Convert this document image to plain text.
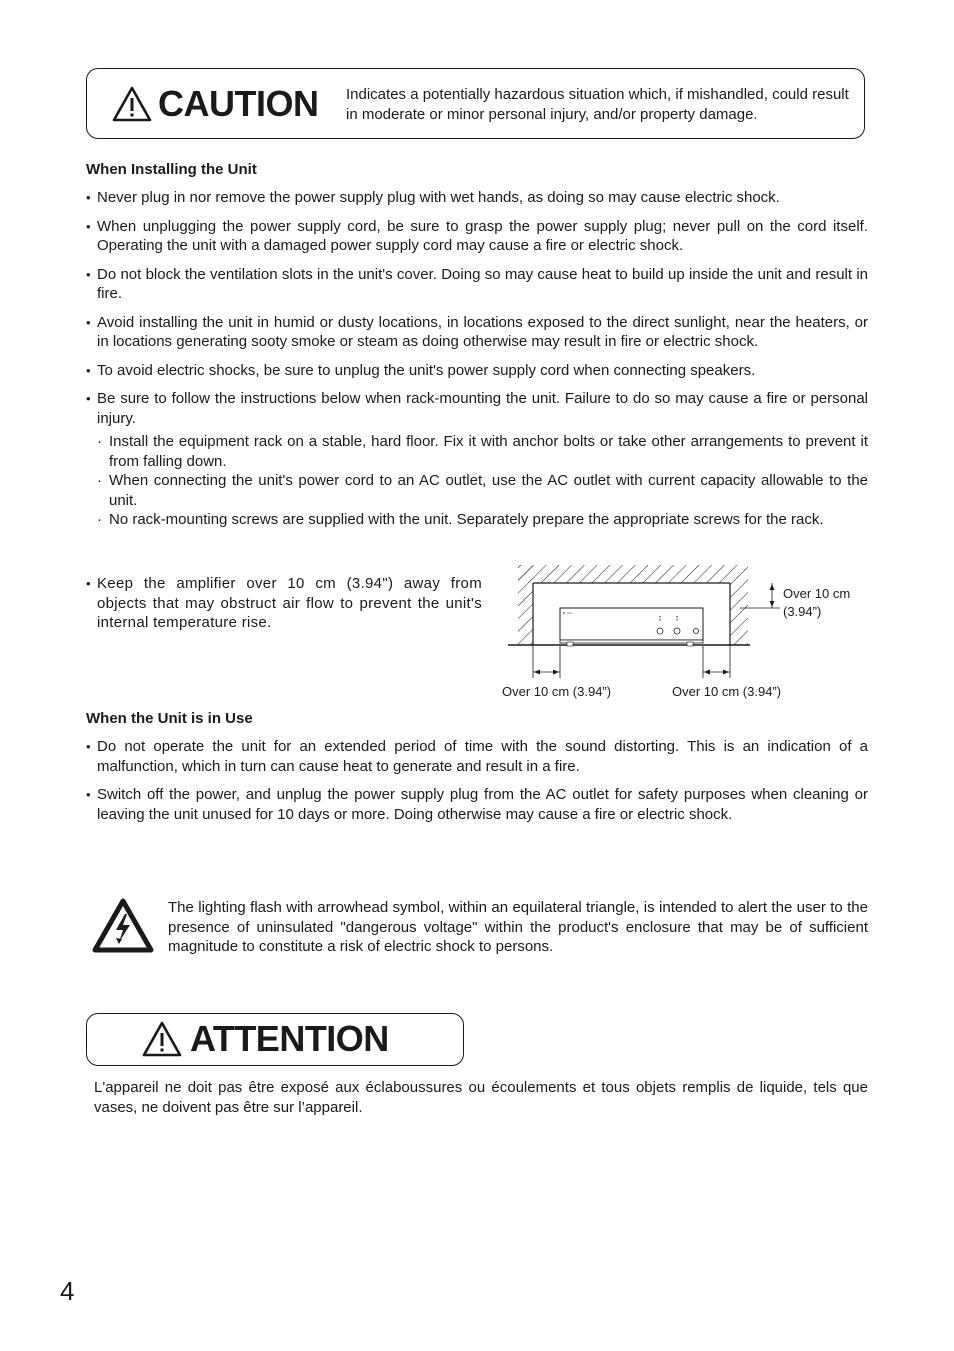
CAUTION Indicates a potentially hazardous situation which, if mishandled, could result in moderate or minor personal injury, and/or property damage.
When Installing the Unit
• Never plug in nor remove the power supply plug with wet hands, as doing so may cause electric shock.
• When unplugging the power supply cord, be sure to grasp the power supply plug; never pull on the cord itself. Operating the unit with a damaged power supply cord may cause a fire or electric shock.
• Do not block the ventilation slots in the unit's cover. Doing so may cause heat to build up inside the unit and result in fire.
• Avoid installing the unit in humid or dusty locations, in locations exposed to the direct sunlight, near the heaters, or in locations generating sooty smoke or steam as doing otherwise may result in fire or electric shock.
• To avoid electric shocks, be sure to unplug the unit's power supply cord when connecting speakers.
• Be sure to follow the instructions below when rack-mounting the unit. Failure to do so may cause a fire or personal injury.
· Install the equipment rack on a stable, hard floor. Fix it with anchor bolts or take other arrangements to prevent it from falling down.
· When connecting the unit's power cord to an AC outlet, use the AC outlet with current capacity allowable to the unit.
· No rack-mounting screws are supplied with the unit. Separately prepare the appropriate screws for the rack.
• Keep the amplifier over 10 cm (3.94") away from objects that may obstruct air flow to prevent the unit's internal temperature rise.
Over 10 cm
(3.94”)
Over 10 cm (3.94”)	Over 10 cm (3.94”)
When the Unit is in Use
• Do not operate the unit for an extended period of time with the sound distorting. This is an indication of a malfunction, which in turn can cause heat to generate and result in a fire.
• Switch off the power, and unplug the power supply plug from the AC outlet for safety purposes when cleaning or leaving the unit unused for 10 days or more. Doing otherwise may cause a fire or electric shock.
The lighting flash with arrowhead symbol, within an equilateral triangle, is intended to alert the user to the presence of uninsulated "dangerous voltage" within the product's enclosure that may be of sufficient magnitude to constitute a risk of electric shock to persons.
ATTENTION
L'appareil ne doit pas être exposé aux éclaboussures ou écoulements et tous objets remplis de liquide, tels que vases, ne doivent pas être sur l’appareil.
4
